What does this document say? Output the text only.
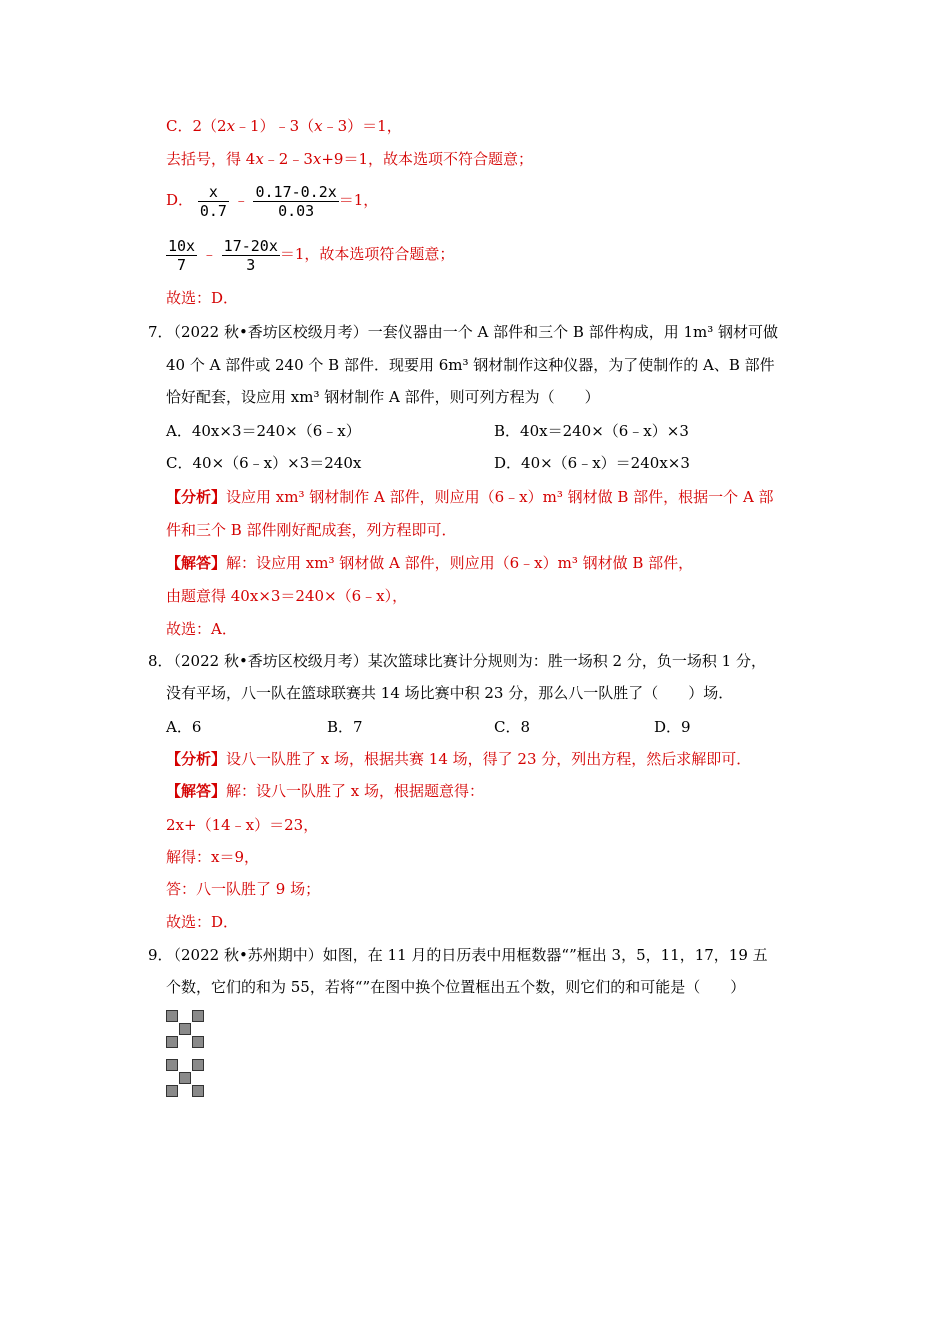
C．2（2x﹣1）﹣3（x﹣3）＝1，
去括号，得 4x﹣2﹣3x+9＝1，故本选项不符合题意；
D． $\frac{x}{0.7}$ ﹣ $\frac{0.17-0.2x}{0.03} =1$，
$\frac{10x}{7}$ ﹣ $\frac{17-20x}{3} =1$，故本选项符合题意；
故选：D．
7．
（2022 秋•香坊区校级月考）一套仪器由一个 A 部件和三个 B 部件构成，用 1m³ 钢材可做
40 个 A 部件或 240 个 B 部件．现要用 6m³ 钢材制作这种仪器，为了使制作的 A、B 部件
恰好配套，设应用 xm³ 钢材制作 A 部件，则可列方程为（　　）
A．40x×3＝240×（6﹣x）	B．40x＝240×（6﹣x）×3
C．40×（6﹣x）×3＝240x	D．40×（6﹣x）＝240x×3
【分析】设应用 xm³ 钢材制作 A 部件，则应用（6﹣x）m³ 钢材做 B 部件，根据一个 A 部
件和三个 B 部件刚好配成套，列方程即可．
【解答】解：设应用 xm³ 钢材做 A 部件，则应用（6﹣x）m³ 钢材做 B 部件，
由题意得 40x×3＝240×（6﹣x），
故选：A．
8．
（2022 秋•香坊区校级月考）某次篮球比赛计分规则为：胜一场积 2 分，负一场积 1 分，
没有平场，八一队在篮球联赛共 14 场比赛中积 23 分，那么八一队胜了（　　）场．
A．6	B．7	C．8	D．9
【分析】设八一队胜了 x 场，根据共赛 14 场，得了 23 分，列出方程，然后求解即可．
【解答】解：设八一队胜了 x 场，根据题意得：
2x+（14﹣x）＝23，
解得：x＝9，
答：八一队胜了 9 场；
故选：D．
9．
（2022 秋•苏州期中）如图，在 11 月的日历表中用框数器“”框出 3，5，11，17，19 五
个数，它们的和为 55，若将“”在图中换个位置框出五个数，则它们的和可能是（　　）
